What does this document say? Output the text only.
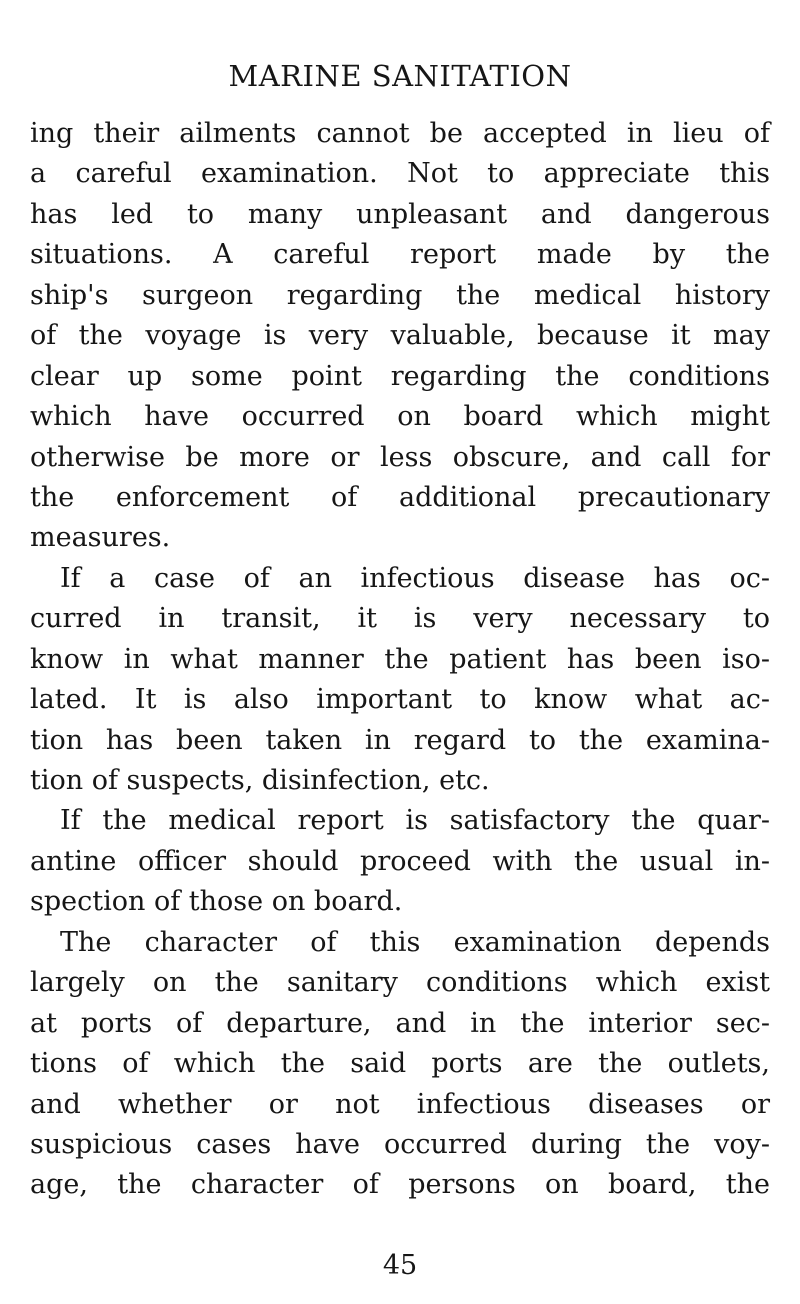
MARINE SANITATION
ing their ailments cannot be accepted in lieu of
a careful examination. Not to appreciate this
has led to many unpleasant and dangerous
situations. A careful report made by the
ship's surgeon regarding the medical history
of the voyage is very valuable, because it may
clear up some point regarding the conditions
which have occurred on board which might
otherwise be more or less obscure, and call for
the enforcement of additional precautionary
measures.
If a case of an infectious disease has oc-
curred in transit, it is very necessary to
know in what manner the patient has been iso-
lated. It is also important to know what ac-
tion has been taken in regard to the examina-
tion of suspects, disinfection, etc.
If the medical report is satisfactory the quar-
antine officer should proceed with the usual in-
spection of those on board.
The character of this examination depends
largely on the sanitary conditions which exist
at ports of departure, and in the interior sec-
tions of which the said ports are the outlets,
and whether or not infectious diseases or
suspicious cases have occurred during the voy-
age, the character of persons on board, the
45
